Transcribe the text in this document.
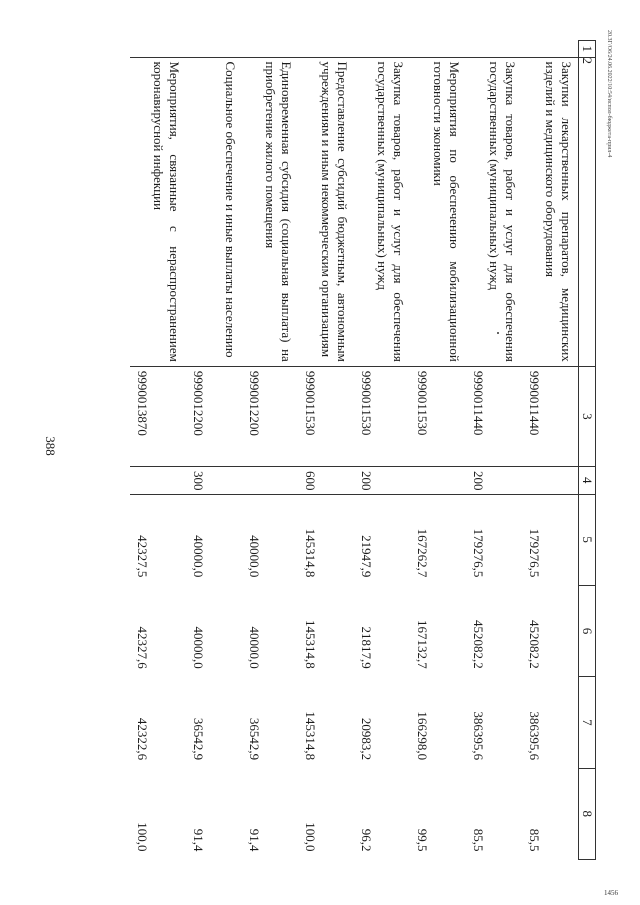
388
20.3Г/О6/24.06.2022/10:54/испол-бюджета-прил-4
1456
1	2	3	4	5	6	7	8
	Закупки лекарственных препаратов, медицинских изделий и медицинского оборудования	9990011440		179276,5	452082,2	386395,6	85,5
	Закупка товаров, работ и услуг для обеспечения государственных (муниципальных) нужд	9990011440	200	179276,5	452082,2	386395,6	85,5
	Мероприятия по обеспечению мобилизационной готовности экономики	9990011530		167262,7	167132,7	166298,0	99,5
	Закупка товаров, работ и услуг для обеспечения государственных (муниципальных) нужд	9990011530	200	21947,9	21817,9	20983,2	96,2
	Предоставление субсидий бюджетным, автономным учреждениям и иным некоммерческим организациям	9990011530	600	145314,8	145314,8	145314,8	100,0
	Единовременная субсидия (социальная выплата) на приобретение жилого помещения	9990012200		40000,0	40000,0	36542,9	91,4
	Социальное обеспечение и иные выплаты населению	9990012200	300	40000,0	40000,0	36542,9	91,4
	Мероприятия, связанные с нераспространением коронавирусной инфекции	9990013870		42327,5	42327,6	42322,6	100,0
